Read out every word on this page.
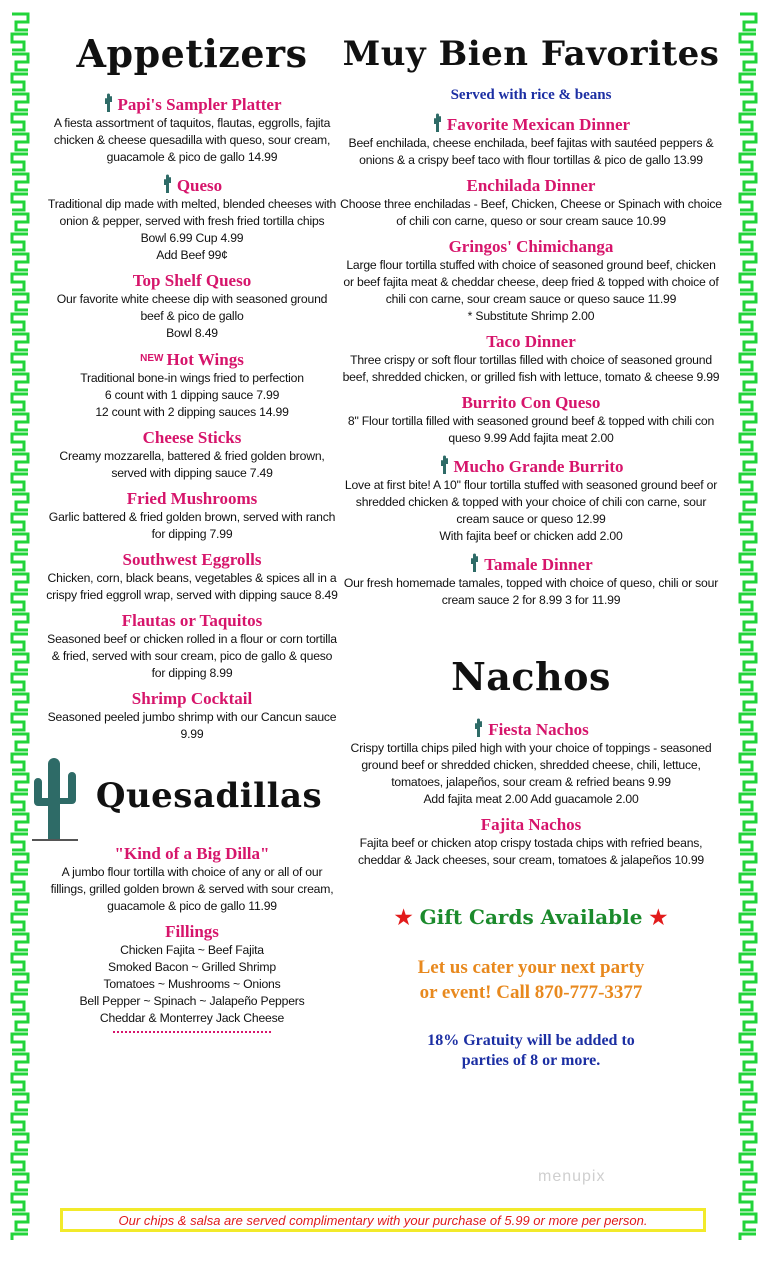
Appetizers
Papi's Sampler Platter
A fiesta assortment of taquitos, flautas, eggrolls, fajita chicken & cheese quesadilla with queso, sour cream, guacamole & pico de gallo 14.99
Queso
Traditional dip made with melted, blended cheeses with onion & pepper, served with fresh fried tortilla chips
Bowl 6.99 Cup 4.99
Add Beef 99¢
Top Shelf Queso
Our favorite white cheese dip with seasoned ground beef & pico de gallo
Bowl 8.49
$^{NEW}$ Hot Wings
Traditional bone-in wings fried to perfection
6 count with 1 dipping sauce 7.99
12 count with 2 dipping sauces 14.99
Cheese Sticks
Creamy mozzarella, battered & fried golden brown, served with dipping sauce 7.49
Fried Mushrooms
Garlic battered & fried golden brown, served with ranch for dipping 7.99
Southwest Eggrolls
Chicken, corn, black beans, vegetables & spices all in a crispy fried eggroll wrap, served with dipping sauce 8.49
Flautas or Taquitos
Seasoned beef or chicken rolled in a flour or corn tortilla & fried, served with sour cream, pico de gallo & queso for dipping 8.99
Shrimp Cocktail
Seasoned peeled jumbo shrimp with our Cancun sauce 9.99
Quesadillas
"Kind of a Big Dilla"
A jumbo flour tortilla with choice of any or all of our fillings, grilled golden brown & served with sour cream, guacamole & pico de gallo 11.99
Fillings
Chicken Fajita ~ Beef Fajita
Smoked Bacon ~ Grilled Shrimp
Tomatoes ~ Mushrooms ~ Onions
Bell Pepper ~ Spinach ~ Jalapeño Peppers
Cheddar & Monterrey Jack Cheese
Muy Bien Favorites
Served with rice & beans
Favorite Mexican Dinner
Beef enchilada, cheese enchilada, beef fajitas with sautéed peppers & onions & a crispy beef taco with flour tortillas & pico de gallo 13.99
Enchilada Dinner
Choose three enchiladas - Beef, Chicken, Cheese or Spinach with choice of chili con carne, queso or sour cream sauce 10.99
Gringos' Chimichanga
Large flour tortilla stuffed with choice of seasoned ground beef, chicken or beef fajita meat & cheddar cheese, deep fried & topped with choice of chili con carne, sour cream sauce or queso sauce 11.99
* Substitute Shrimp 2.00
Taco Dinner
Three crispy or soft flour tortillas filled with choice of seasoned ground beef, shredded chicken, or grilled fish with lettuce, tomato & cheese 9.99
Burrito Con Queso
8" Flour tortilla filled with seasoned ground beef & topped with chili con queso 9.99 Add fajita meat 2.00
Mucho Grande Burrito
Love at first bite! A 10" flour tortilla stuffed with seasoned ground beef or shredded chicken & topped with your choice of chili con carne, sour cream sauce or queso 12.99
With fajita beef or chicken add 2.00
Tamale Dinner
Our fresh homemade tamales, topped with choice of queso, chili or sour cream sauce 2 for 8.99 3 for 11.99
Nachos
Fiesta Nachos
Crispy tortilla chips piled high with your choice of toppings - seasoned ground beef or shredded chicken, shredded cheese, chili, lettuce, tomatoes, jalapeños, sour cream & refried beans 9.99
Add fajita meat 2.00 Add guacamole 2.00
Fajita Nachos
Fajita beef or chicken atop crispy tostada chips with refried beans, cheddar & Jack cheeses, sour cream, tomatoes & jalapeños 10.99
★ Gift Cards Available ★
Let us cater your next party
or event! Call 870-777-3377
18% Gratuity will be added to
parties of 8 or more.
menupix
Our chips & salsa are served complimentary with your purchase of 5.99 or more per person.
